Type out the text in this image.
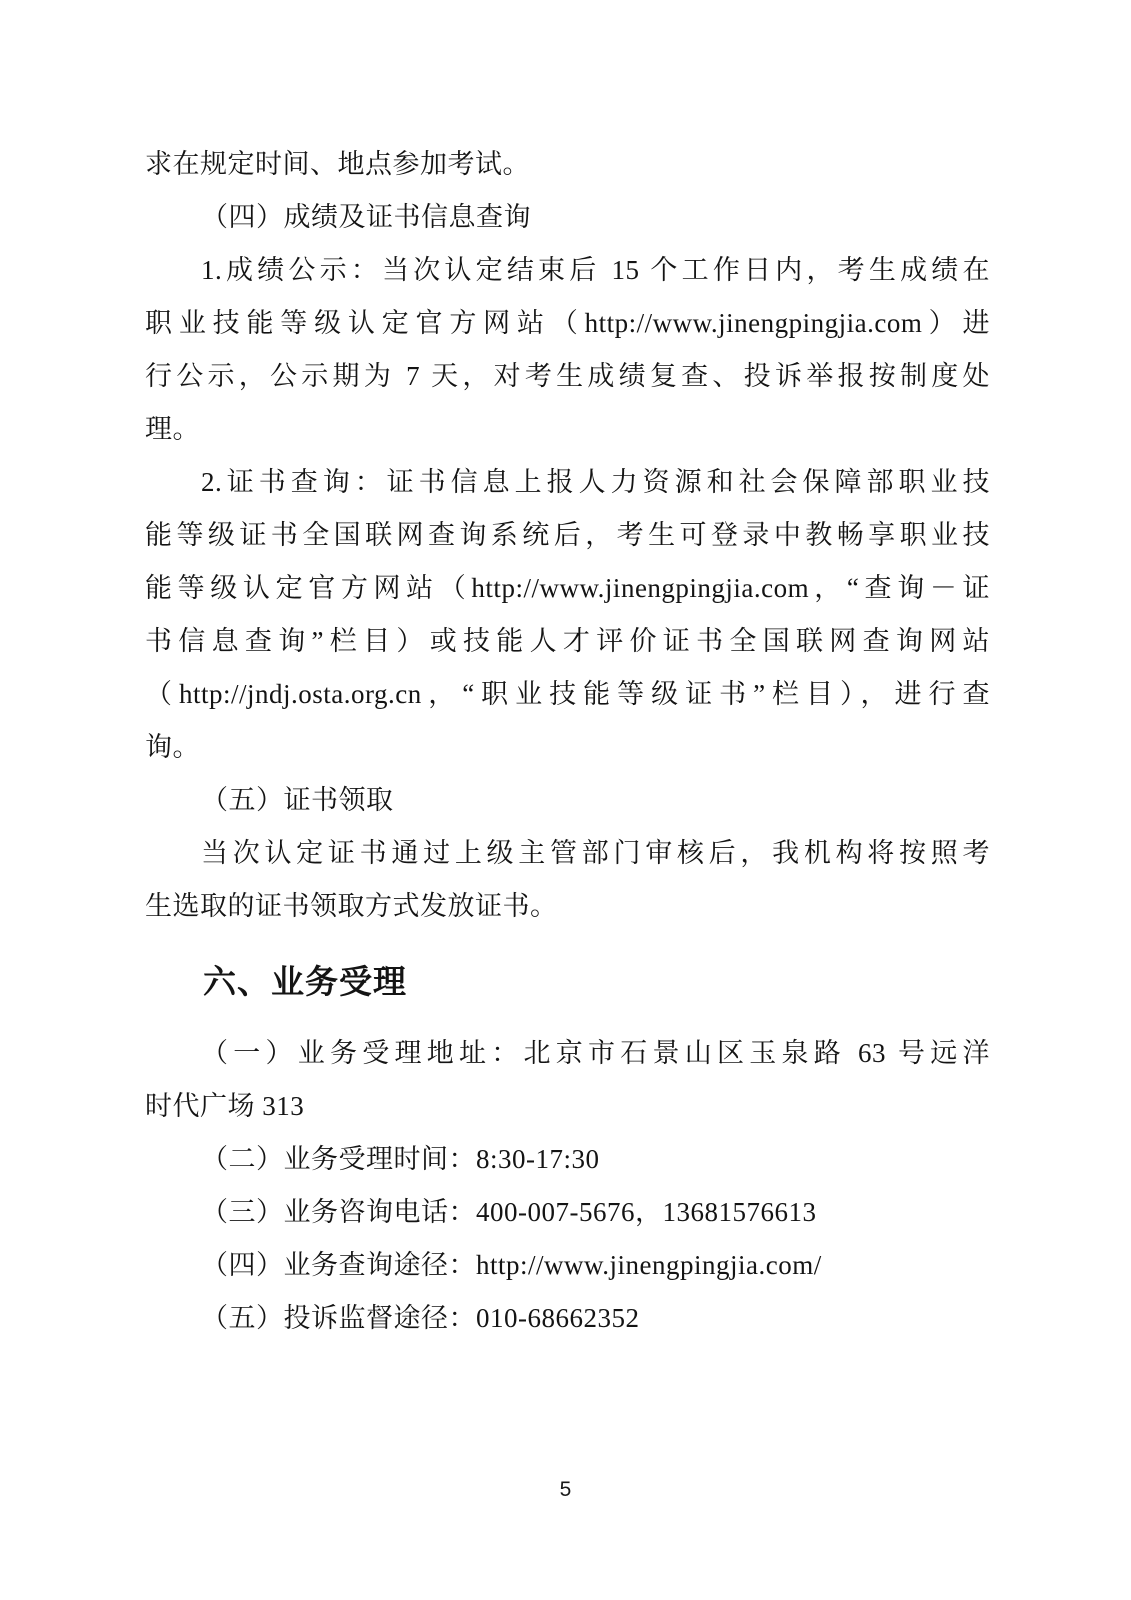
求在规定时间、地点参加考试。

（四）成绩及证书信息查询

1.成绩公示：当次认定结束后 15 个工作日内，考生成绩在

职业技能等级认定官方网站（http://www.jinengpingjia.com）进

行公示，公示期为 7 天，对考生成绩复查、投诉举报按制度处

理。

2.证书查询：证书信息上报人力资源和社会保障部职业技

能等级证书全国联网查询系统后，考生可登录中教畅享职业技

能等级认定官方网站（http://www.jinengpingjia.com，“查询－证

书信息查询”栏目）或技能人才评价证书全国联网查询网站

（http://jndj.osta.org.cn，“职业技能等级证书”栏目），进行查

询。

（五）证书领取

当次认定证书通过上级主管部门审核后，我机构将按照考

生选取的证书领取方式发放证书。

六、业务受理

（一）业务受理地址：北京市石景山区玉泉路 63 号远洋

时代广场 313

（二）业务受理时间：8:30-17:30

（三）业务咨询电话：400-007-5676，13681576613

（四）业务查询途径：http://www.jinengpingjia.com/

（五）投诉监督途径：010-68662352

5
